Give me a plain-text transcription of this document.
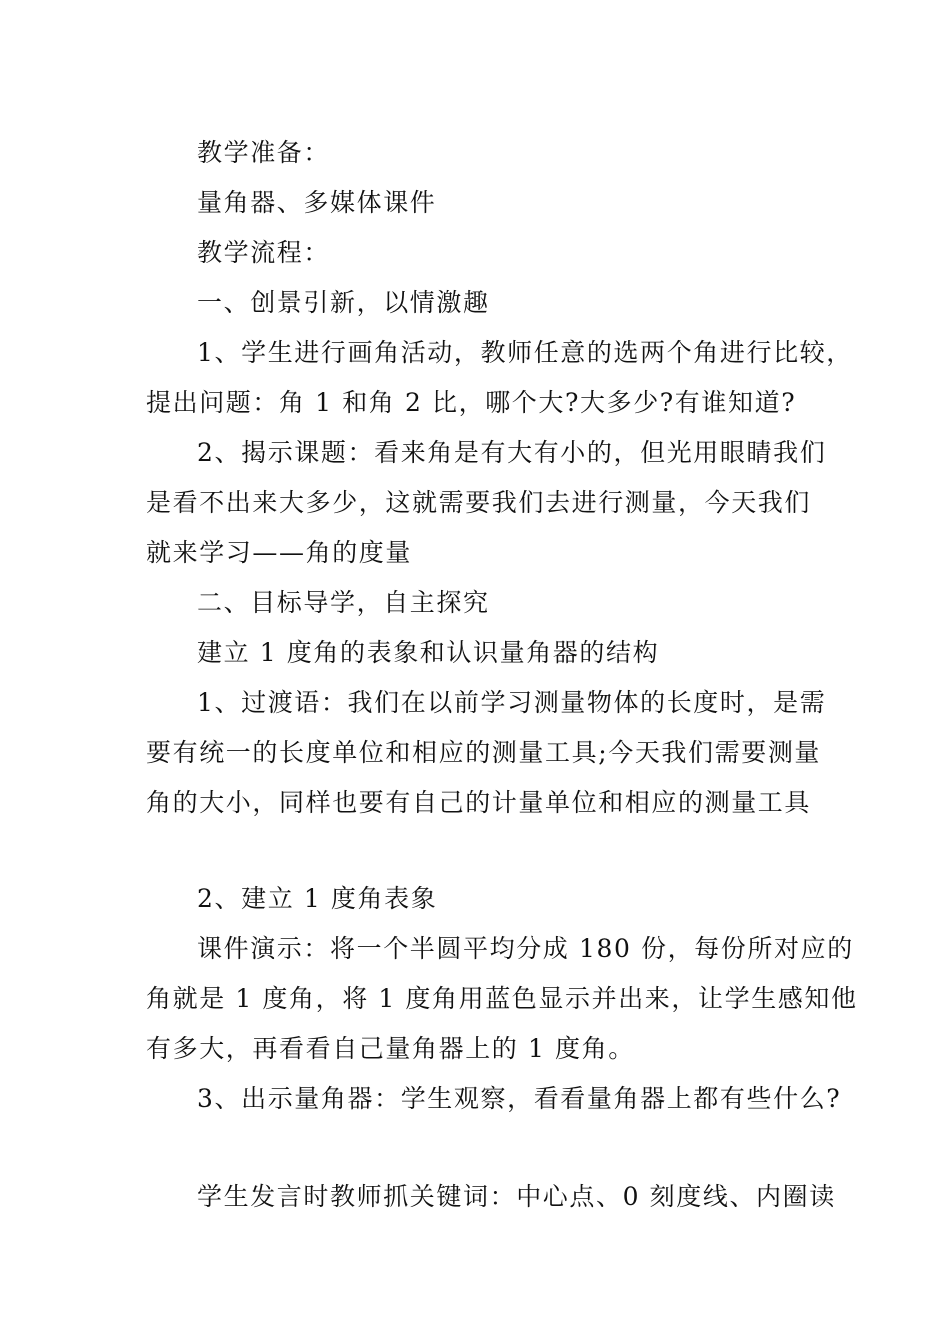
教学准备：
量角器、多媒体课件
教学流程：
一、创景引新，以情激趣
1、学生进行画角活动，教师任意的选两个角进行比较，
提出问题：角 1 和角 2 比，哪个大?大多少?有谁知道?
2、揭示课题：看来角是有大有小的，但光用眼睛我们
是看不出来大多少，这就需要我们去进行测量，今天我们
就来学习——角的度量
二、目标导学，自主探究
建立 1 度角的表象和认识量角器的结构
1、过渡语：我们在以前学习测量物体的长度时，是需
要有统一的长度单位和相应的测量工具;今天我们需要测量
角的大小，同样也要有自己的计量单位和相应的测量工具
2、建立 1 度角表象
课件演示：将一个半圆平均分成 180 份，每份所对应的
角就是 1 度角，将 1 度角用蓝色显示并出来，让学生感知他
有多大，再看看自己量角器上的 1 度角。
3、出示量角器：学生观察，看看量角器上都有些什么?
学生发言时教师抓关键词：中心点、0 刻度线、内圈读
